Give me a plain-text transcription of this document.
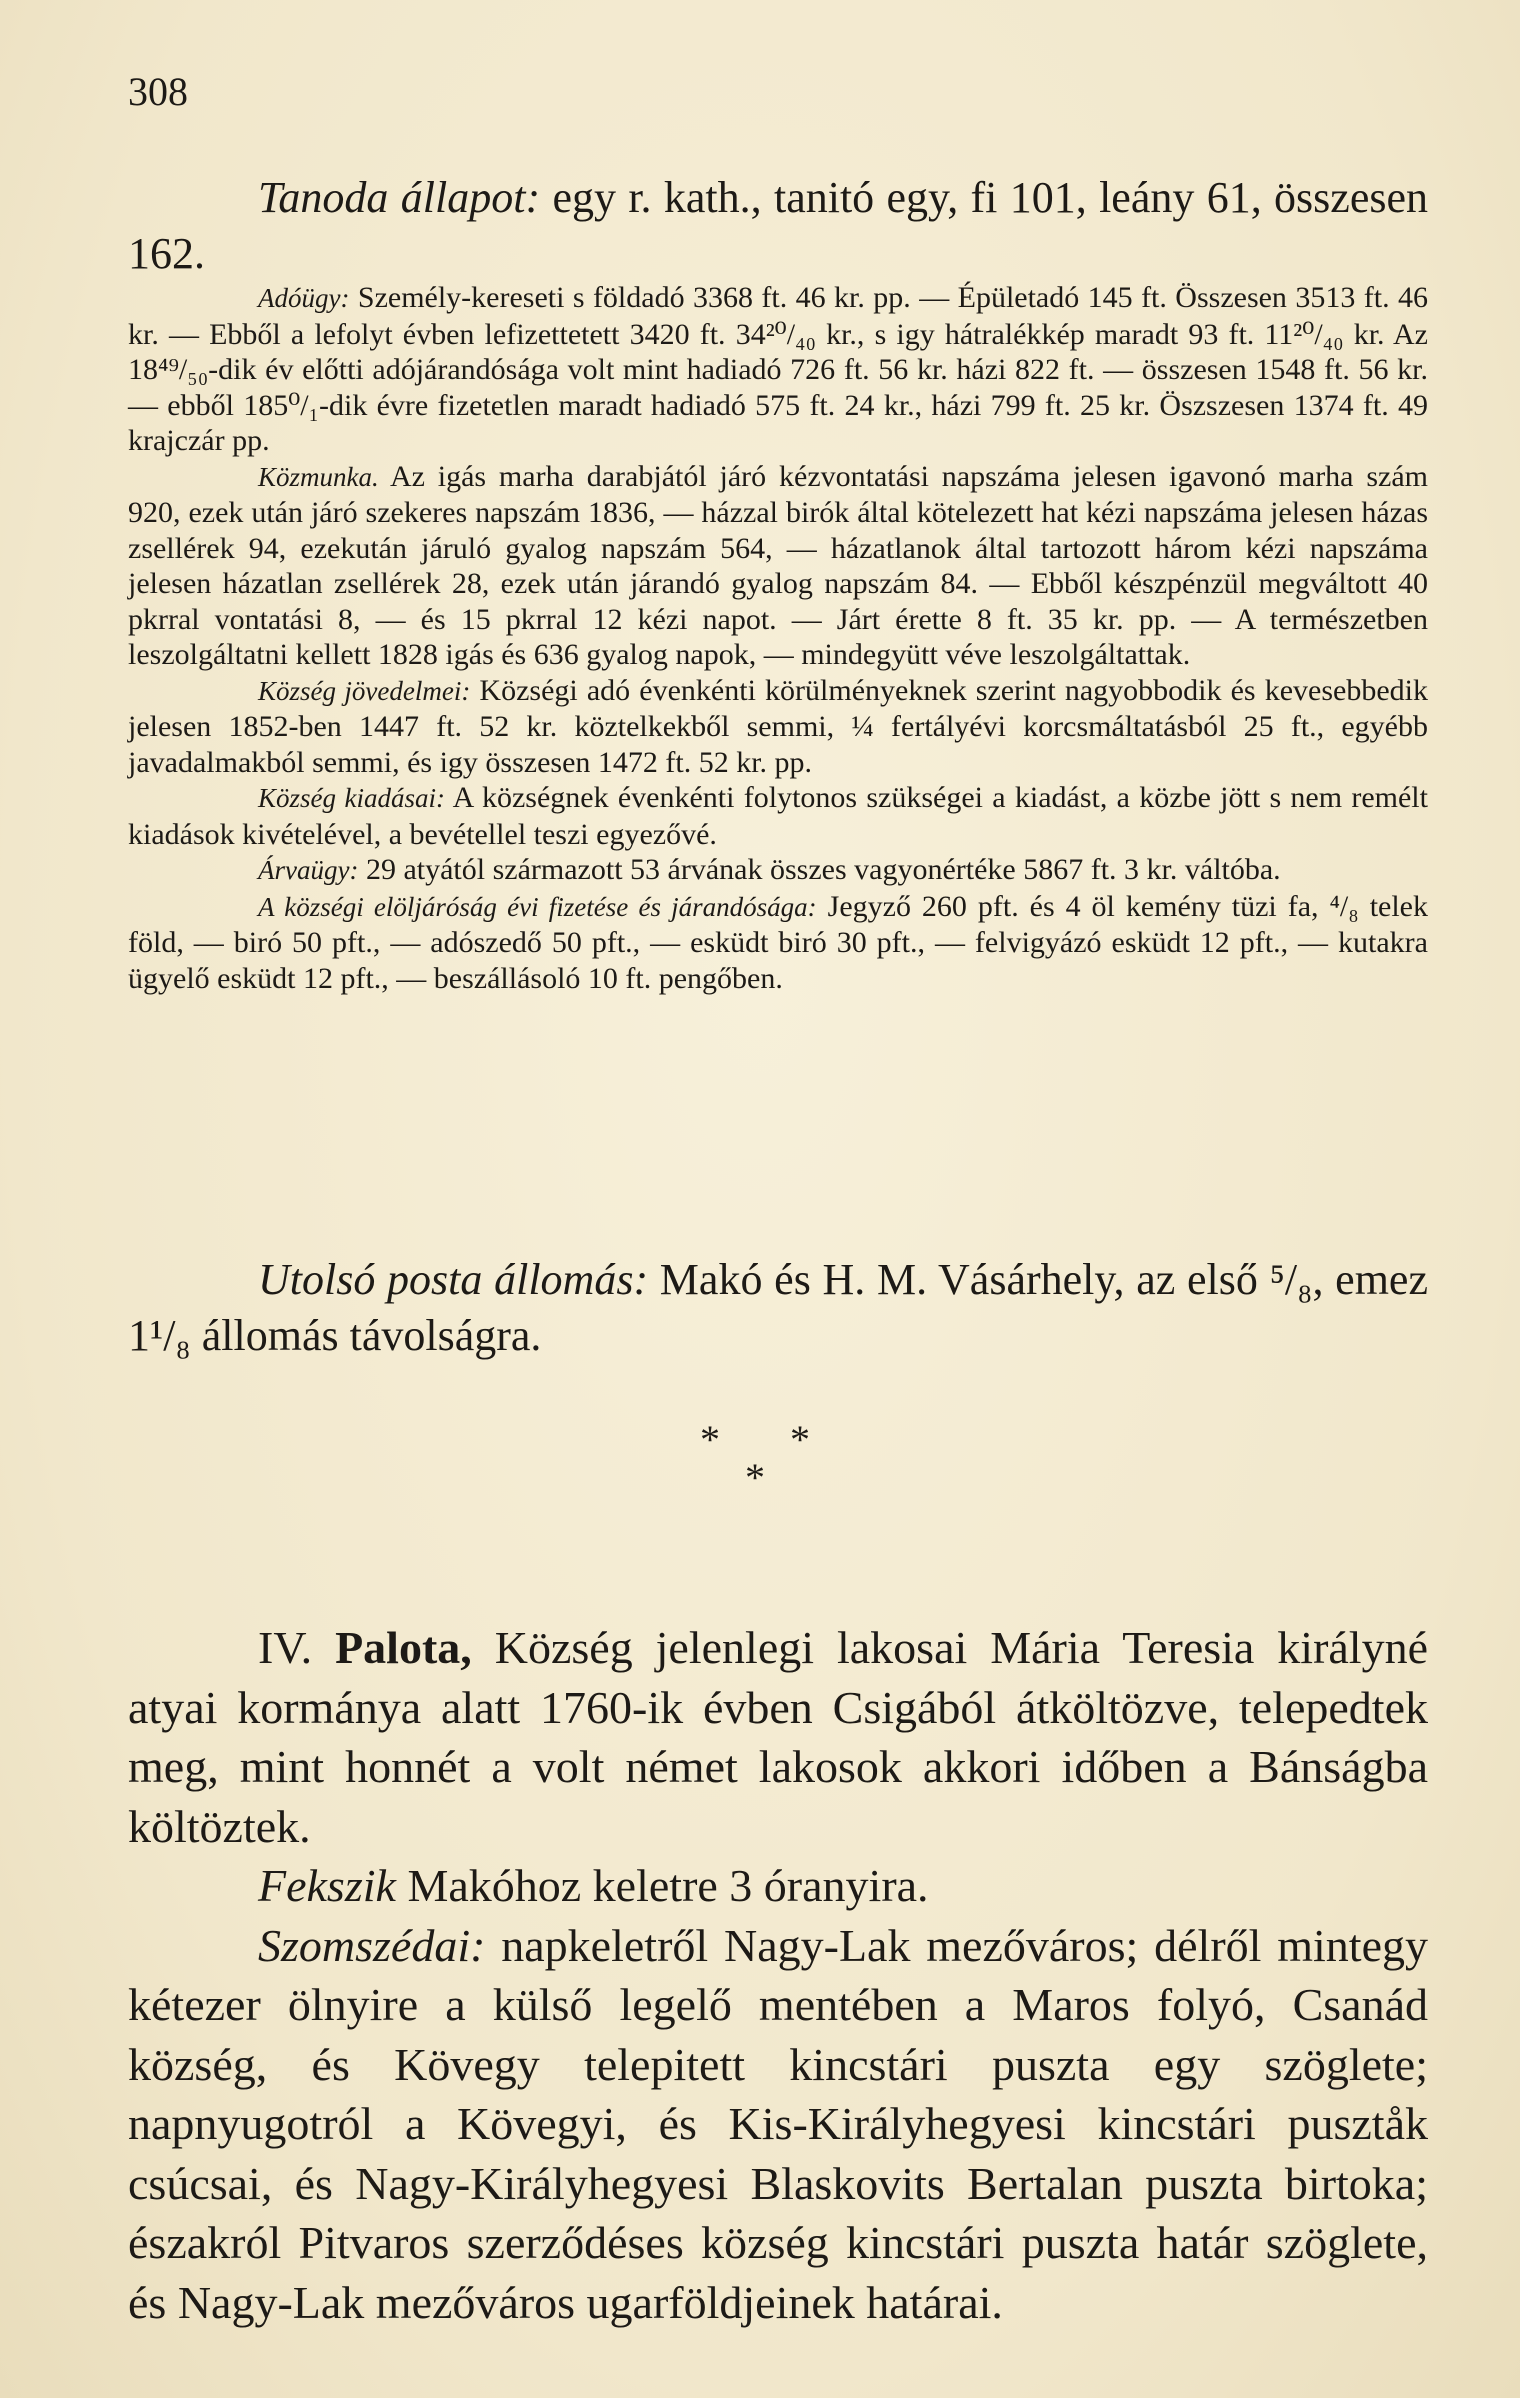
308

Tanoda állapot: egy r. kath., tanitó egy, fi 101, leány 61, összesen 162.

Adóügy: Személy-kereseti s földadó 3368 ft. 46 kr. pp. — Épületadó 145 ft. Összesen 3513 ft. 46 kr. — Ebből a lefolyt évben lefizettetett 3420 ft. 34²⁰/₄₀ kr., s igy hátralékkép maradt 93 ft. 11²⁰/₄₀ kr. Az 18⁴⁹/₅₀-dik év előtti adójárandósága volt mint hadiadó 726 ft. 56 kr. házi 822 ft. — összesen 1548 ft. 56 kr. — ebből 185⁰/₁-dik évre fizetetlen maradt hadiadó 575 ft. 24 kr., házi 799 ft. 25 kr. Öszszesen 1374 ft. 49 krajczár pp.

Közmunka. Az igás marha darabjától járó kézvontatási napszáma jelesen igavonó marha szám 920, ezek után járó szekeres napszám 1836, — házzal birók által kötelezett hat kézi napszáma jelesen házas zsellérek 94, ezekután járuló gyalog napszám 564, — házatlanok által tartozott három kézi napszáma jelesen házatlan zsellérek 28, ezek után járandó gyalog napszám 84. — Ebből készpénzül megváltott 40 pkrral vontatási 8, — és 15 pkrral 12 kézi napot. — Járt érette 8 ft. 35 kr. pp. — A természetben leszolgáltatni kellett 1828 igás és 636 gyalog napok, — mindegyütt véve leszolgáltattak.

Község jövedelmei: Községi adó évenkénti körülményeknek szerint nagyobbodik és kevesebbedik jelesen 1852-ben 1447 ft. 52 kr. köztelkekből semmi, ¼ fertályévi korcsmáltatásból 25 ft., egyébb javadalmakból semmi, és igy összesen 1472 ft. 52 kr. pp.

Község kiadásai: A községnek évenkénti folytonos szükségei a kiadást, a közbe jött s nem remélt kiadások kivételével, a bevétellel teszi egyezővé.

Árvaügy: 29 atyától származott 53 árvának összes vagyonértéke 5867 ft. 3 kr. váltóba.

A községi elöljáróság évi fizetése és járandósága: Jegyző 260 pft. és 4 öl kemény tüzi fa, ⁴/₈ telek föld, — biró 50 pft., — adószedő 50 pft., — esküdt biró 30 pft., — felvigyázó esküdt 12 pft., — kutakra ügyelő esküdt 12 pft., — beszállásoló 10 ft. pengőben.

Utolsó posta állomás: Makó és H. M. Vásárhely, az első ⁵/₈, emez 1¹/₈ állomás távolságra.

* *
*

IV. Palota, Község jelenlegi lakosai Mária Teresia királyné atyai kormánya alatt 1760-ik évben Csigából átköltözve, telepedtek meg, mint honnét a volt német lakosok akkori időben a Bánságba költöztek.

Fekszik Makóhoz keletre 3 óranyira.

Szomszédai: napkeletről Nagy-Lak mezőváros; délről mintegy kétezer ölnyire a külső legelő mentében a Maros folyó, Csanád község, és Kövegy telepitett kincstári puszta egy szöglete; napnyugotról a Kövegyi, és Kis-Királyhegyesi kincstári pusztåk csúcsai, és Nagy-Királyhegyesi Blaskovits Bertalan puszta birtoka; északról Pitvaros szerződéses község kincstári puszta határ szöglete, és Nagy-Lak mezőváros ugarföldjeinek határai.
